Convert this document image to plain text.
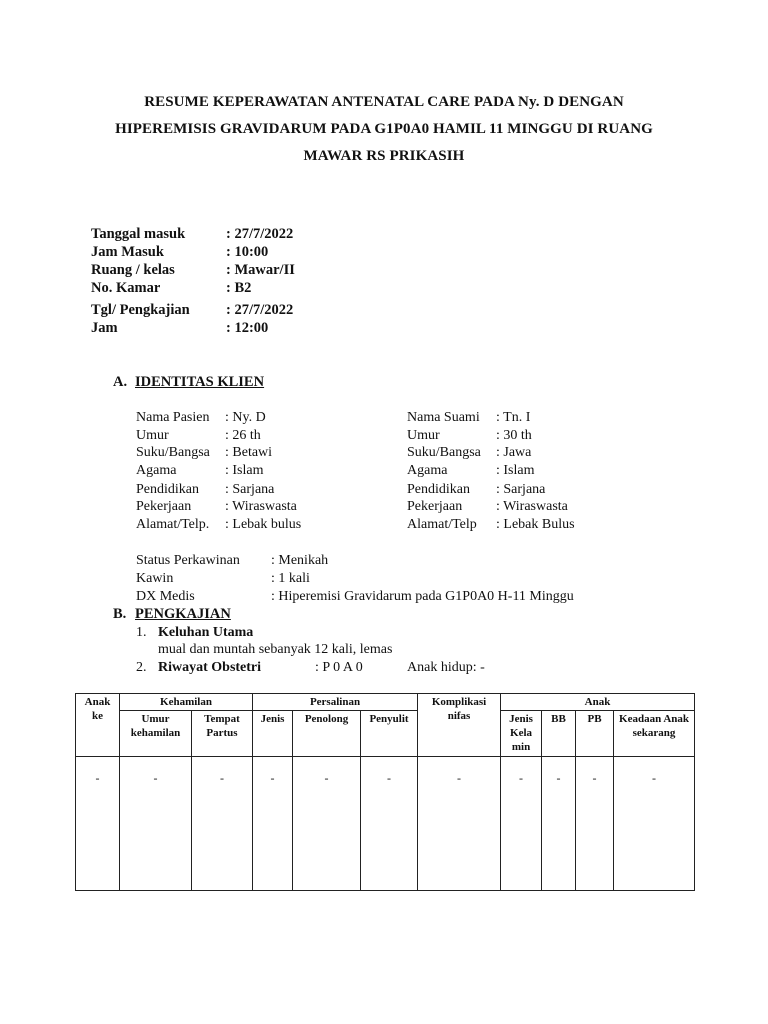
RESUME KEPERAWATAN ANTENATAL CARE PADA Ny. D DENGAN
HIPEREMISIS GRAVIDARUM PADA G1P0A0 HAMIL 11 MINGGU DI RUANG
MAWAR RS PRIKASIH
Tanggal masuk	: 27/7/2022
Jam Masuk	: 10:00
Ruang / kelas	: Mawar/II
No. Kamar	: B2
Tgl/ Pengkajian	: 27/7/2022
Jam	: 12:00
A. IDENTITAS KLIEN
Nama Pasien : Ny. D	Nama Suami : Tn. I
Umur	: 26 th	Umur	: 30 th
Suku/Bangsa : Betawi	Suku/Bangsa : Jawa
Agama	: Islam	Agama	: Islam
Pendidikan : Sarjana	Pendidikan : Sarjana
Pekerjaan : Wiraswasta	Pekerjaan : Wiraswasta
Alamat/Telp. : Lebak bulus	Alamat/Telp : Lebak Bulus
Status Perkawinan : Menikah
Kawin	: 1 kali
DX Medis	: Hiperemisi Gravidarum pada G1P0A0 H-11 Minggu
B. PENGKAJIAN
1. Keluhan Utama
mual dan muntah sebanyak 12 kali, lemas
2. Riwayat Obstetri	: P 0 A 0	Anak hidup: -
Anak ke	Kehamilan		Persalinan			Komplikasi nifas	Anak			
	Umur kehamilan	Tempat Partus	Jenis	Penolong	Penyulit		Jenis Kela min	BB	PB	Keadaan Anak sekarang
-	-	-	-	-	-	-	-	-	-	-
